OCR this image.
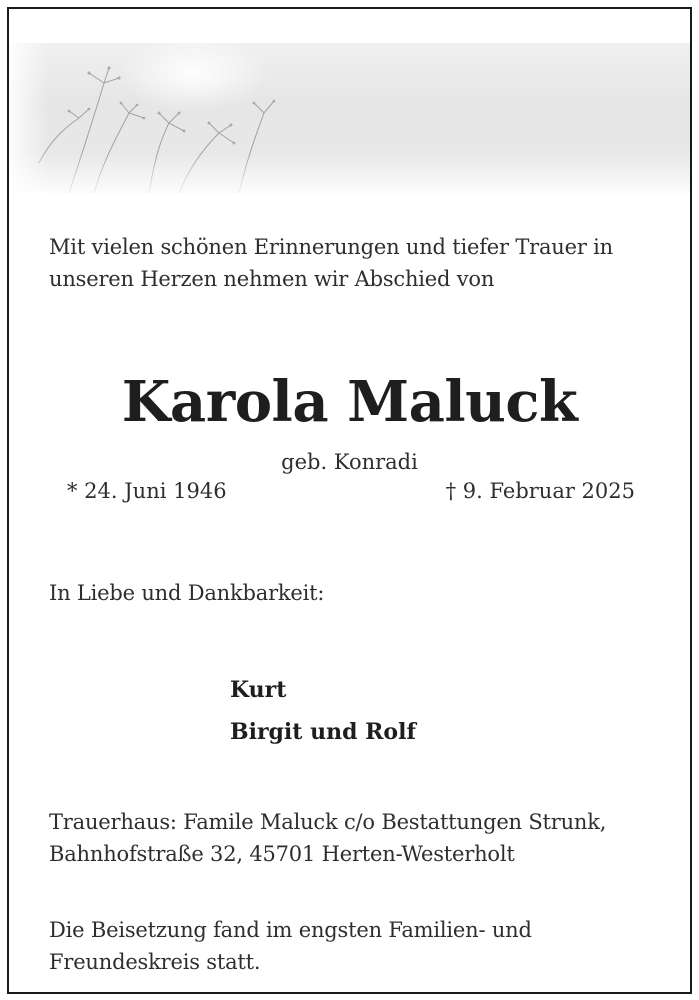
Mit vielen schönen Erinnerungen und tiefer Trauer in
unseren Herzen nehmen wir Abschied von
Karola Maluck
geb. Konradi
* 24. Juni 1946	† 9. Februar 2025
In Liebe und Dankbarkeit:
Kurt
Birgit und Rolf
Trauerhaus: Famile Maluck c/o Bestattungen Strunk,
Bahnhofstraße 32, 45701 Herten-Westerholt
Die Beisetzung fand im engsten Familien- und
Freundeskreis statt.
